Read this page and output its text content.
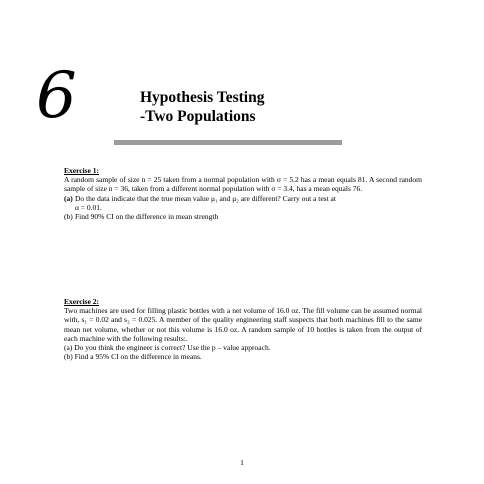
6	Hypothesis Testing
-Two Populations
Exercise 1:
A random sample of size n = 25 taken from a normal population with σ = 5.2 has a mean equals 81. A second random sample of size n = 36, taken from a different normal population with σ = 3.4, has a mean equals 76.
(a) Do the data indicate that the true mean value μ₁ and μ₂ are different? Carry out a test at
α = 0.01.
(b) Find 90% CI on the difference in mean strength
Exercise 2:
Two machines are used for filling plastic bottles with a net volume of 16.0 oz. The fill volume can be assumed normal with, s₁ = 0.02 and s₂ = 0.025. A member of the quality engineering staff suspects that both machines fill to the same mean net volume, whether or not this volume is 16.0 oz. A random sample of 10 bottles is taken from the output of each machine with the following results:.
(a) Do you think the engineer is correct? Use the p – value approach.
(b) Find a 95% CI on the difference in means.
1
